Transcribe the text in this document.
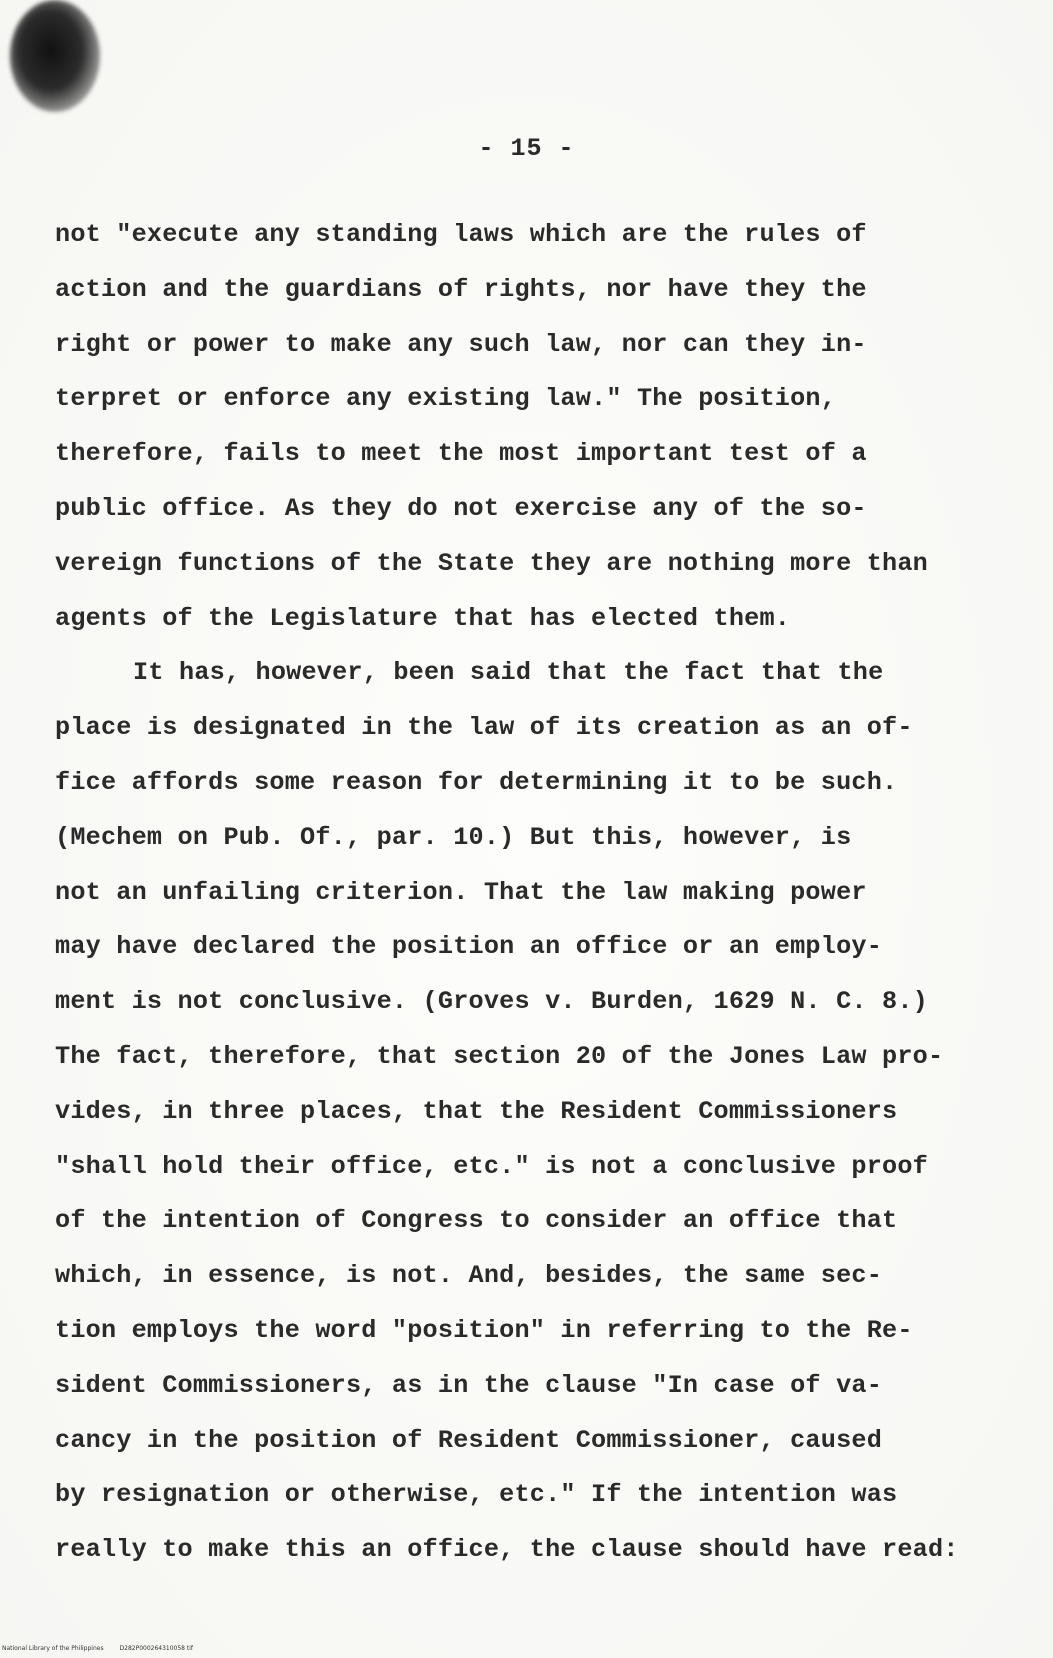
- 15 -
not "execute any standing laws which are the rules of
action and the guardians of rights, nor have they the
right or power to make any such law, nor can they in-
terpret or enforce any existing law." The position,
therefore, fails to meet the most important test of a
public office. As they do not exercise any of the so-
vereign functions of the State they are nothing more than
agents of the Legislature that has elected them.
It has, however, been said that the fact that the
place is designated in the law of its creation as an of-
fice affords some reason for determining it to be such.
(Mechem on Pub. Of., par. 10.) But this, however, is
not an unfailing criterion. That the law making power
may have declared the position an office or an employ-
ment is not conclusive. (Groves v. Burden, 1629 N. C. 8.)
The fact, therefore, that section 20 of the Jones Law pro-
vides, in three places, that the Resident Commissioners
"shall hold their office, etc." is not a conclusive proof
of the intention of Congress to consider an office that
which, in essence, is not. And, besides, the same sec-
tion employs the word "position" in referring to the Re-
sident Commissioners, as in the clause "In case of va-
cancy in the position of Resident Commissioner, caused
by resignation or otherwise, etc." If the intention was
really to make this an office, the clause should have read:
National Library of the Philippines	D282P000264310058 tif
